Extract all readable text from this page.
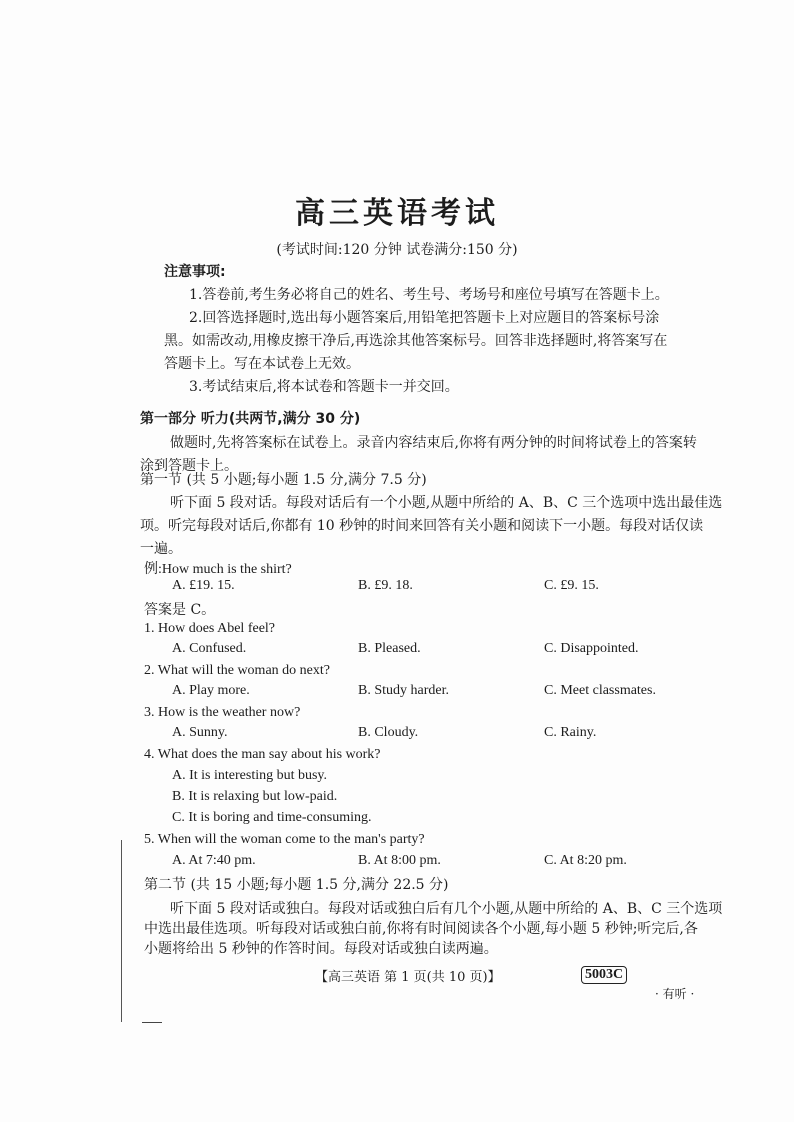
高三英语考试
(考试时间:120 分钟 试卷满分:150 分)
注意事项:
1.答卷前,考生务必将自己的姓名、考生号、考场号和座位号填写在答题卡上。
2.回答选择题时,选出每小题答案后,用铅笔把答题卡上对应题目的答案标号涂
黑。如需改动,用橡皮擦干净后,再选涂其他答案标号。回答非选择题时,将答案写在
答题卡上。写在本试卷上无效。
3.考试结束后,将本试卷和答题卡一并交回。
第一部分 听力(共两节,满分 30 分)
做题时,先将答案标在试卷上。录音内容结束后,你将有两分钟的时间将试卷上的答案转
涂到答题卡上。
第一节 (共 5 小题;每小题 1.5 分,满分 7.5 分)
听下面 5 段对话。每段对话后有一个小题,从题中所给的 A、B、C 三个选项中选出最佳选
项。听完每段对话后,你都有 10 秒钟的时间来回答有关小题和阅读下一小题。每段对话仅读
一遍。
例:How much is the shirt?
A. £19. 15.	B. £9. 18.	C. £9. 15.
答案是 C。
1. How does Abel feel?
A. Confused.	B. Pleased.	C. Disappointed.
2. What will the woman do next?
A. Play more.	B. Study harder.	C. Meet classmates.
3. How is the weather now?
A. Sunny.	B. Cloudy.	C. Rainy.
4. What does the man say about his work?
A. It is interesting but busy.
B. It is relaxing but low-paid.
C. It is boring and time-consuming.
5. When will the woman come to the man's party?
A. At 7:40 pm.	B. At 8:00 pm.	C. At 8:20 pm.
第二节 (共 15 小题;每小题 1.5 分,满分 22.5 分)
听下面 5 段对话或独白。每段对话或独白后有几个小题,从题中所给的 A、B、C 三个选项
中选出最佳选项。听每段对话或独白前,你将有时间阅读各个小题,每小题 5 秒钟;听完后,各
小题将给出 5 秒钟的作答时间。每段对话或独白读两遍。
【高三英语 第 1 页(共 10 页)】	5003C
· 有听 ·
